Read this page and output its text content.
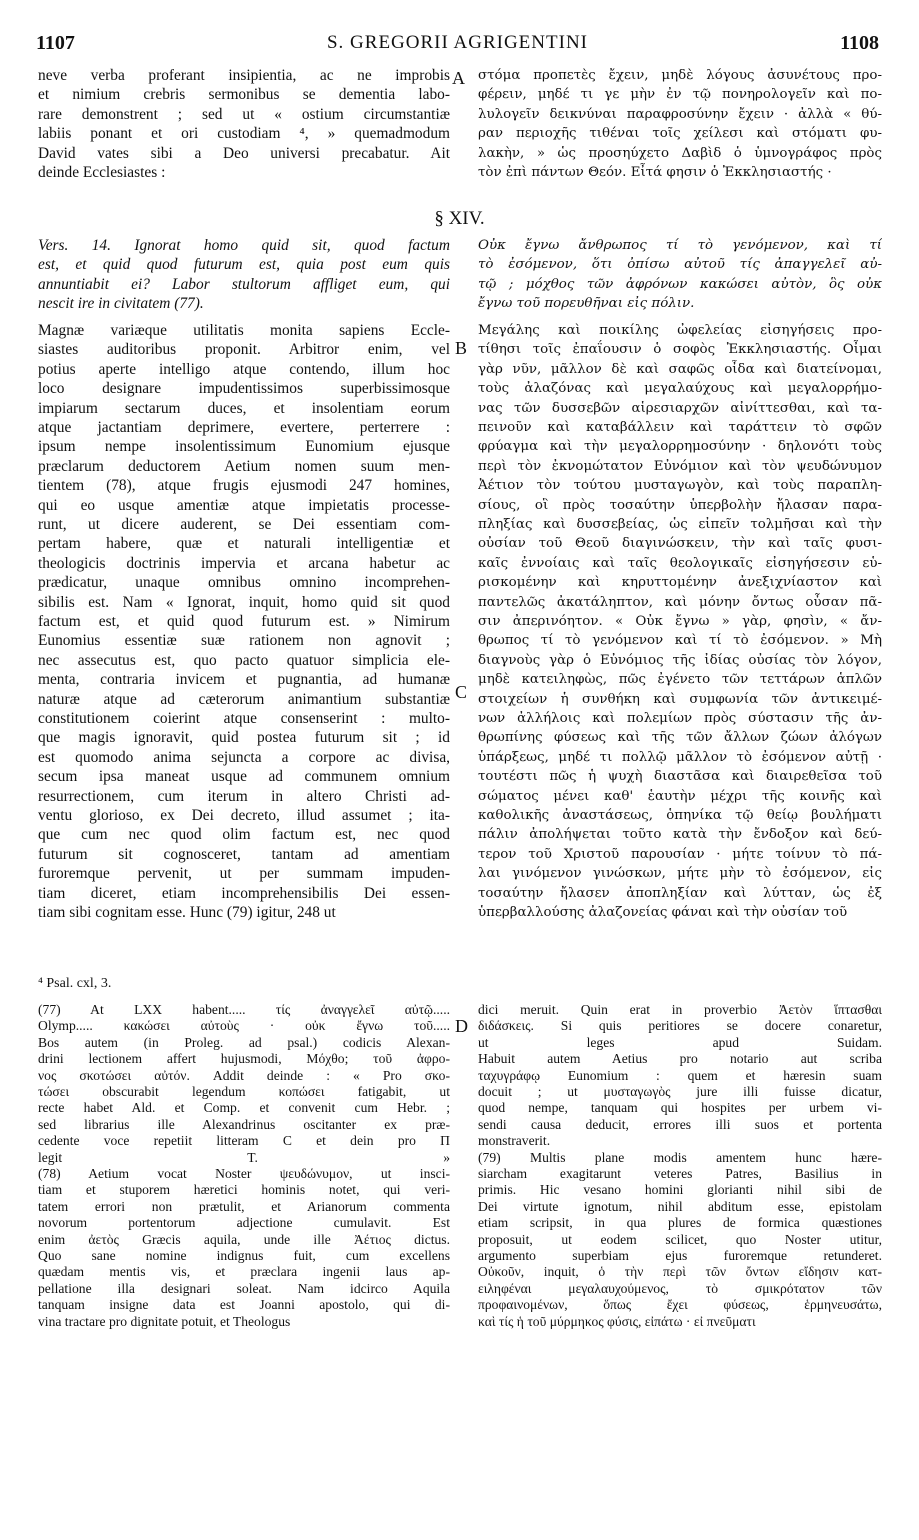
1107	S. GREGORII AGRIGENTINI	1108
neve verba proferant insipientia, ac ne improbis
et nimium crebris sermonibus se dementia labo-
rare demonstrent ; sed ut « ostium circumstantiæ
labiis ponant et ori custodiam ⁴, » quemadmodum
David vates sibi a Deo universi precabatur. Ait
deinde Ecclesiastes :
στόμα προπετὲς ἔχειν, μηδὲ λόγους ἀσυνέτους προ-
φέρειν, μηδέ τι γε μὴν ἐν τῷ πονηρολογεῖν καὶ πο-
λυλογεῖν δεικνύναι παραφροσύνην ἔχειν · ἀλλὰ « θύ-
ραν περιοχῆς τιθέναι τοῖς χείλεσι καὶ στόματι φυ-
λακὴν, » ὡς προσηύχετο Δαβὶδ ὁ ὑμνογράφος πρὸς
τὸν ἐπὶ πάντων Θεόν. Εἶτά φησιν ὁ Ἐκκλησιαστής ·
§ XIV.
Vers. 14. Ignorat homo quid sit, quod factum
est, et quid quod futurum est, quia post eum quis
annuntiabit ei? Labor stultorum affliget eum, qui
nescit ire in civitatem (77).
Οὐκ ἔγνω ἄνθρωπος τί τὸ γενόμενον, καὶ τί
τὸ ἐσόμενον, ὅτι ὀπίσω αὐτοῦ τίς ἀπαγγελεῖ αὐ-
τῷ ; μόχθος τῶν ἀφρόνων κακώσει αὐτὸν, ὃς οὐκ
ἔγνω τοῦ πορευθῆναι εἰς πόλιν.
Magnæ variæque utilitatis monita sapiens Eccle-
siastes auditoribus proponit. Arbitror enim, vel
potius aperte intelligo atque contendo, illum hoc
loco designare impudentissimos superbissimosque
impiarum sectarum duces, et insolentiam eorum
atque jactantiam deprimere, evertere, perterrere :
ipsum nempe insolentissimum Eunomium ejusque
præclarum deductorem Aetium nomen suum men-
tientem (78), atque frugis ejusmodi 247 homines,
qui eo usque amentiæ atque impietatis processe-
runt, ut dicere auderent, se Dei essentiam com-
pertam habere, quæ et naturali intelligentiæ et
theologicis doctrinis impervia et arcana habetur ac
prædicatur, unaque omnibus omnino incomprehen-
sibilis est. Nam « Ignorat, inquit, homo quid sit quod
factum est, et quid quod futurum est. » Nimirum
Eunomius essentiæ suæ rationem non agnovit ;
nec assecutus est, quo pacto quatuor simplicia ele-
menta, contraria invicem et pugnantia, ad humanæ
naturæ atque ad cæterorum animantium substantiæ
constitutionem coierint atque consenserint : multo-
que magis ignoravit, quid postea futurum sit ; id
est quomodo anima sejuncta a corpore ac divisa,
secum ipsa maneat usque ad communem omnium
resurrectionem, cum iterum in altero Christi ad-
ventu glorioso, ex Dei decreto, illud assumet ; ita-
que cum nec quod olim factum est, nec quod
futurum sit cognosceret, tantam ad amentiam
furoremque pervenit, ut per summam impuden-
tiam diceret, etiam incomprehensibilis Dei essen-
tiam sibi cognitam esse. Hunc (79) igitur, 248 ut
Μεγάλης καὶ ποικίλης ὠφελείας εἰσηγήσεις προ-
τίθησι τοῖς ἐπαΐουσιν ὁ σοφὸς Ἐκκλησιαστής. Οἶμαι
γὰρ νῦν, μᾶλλον δὲ καὶ σαφῶς οἶδα καὶ διατείνομαι,
τοὺς ἀλαζόνας καὶ μεγαλαύχους καὶ μεγαλορρήμο-
νας τῶν δυσσεβῶν αἱρεσιαρχῶν αἰνίττεσθαι, καὶ τα-
πεινοῦν καὶ καταβάλλειν καὶ ταράττειν τὸ σφῶν
φρύαγμα καὶ τὴν μεγαλορρημοσύνην · δηλονότι τοὺς
περὶ τὸν ἐκνομώτατον Εὐνόμιον καὶ τὸν ψευδώνυμον
Ἀέτιον τὸν τούτου μυσταγωγὸν, καὶ τοὺς παραπλη-
σίους, οἳ πρὸς τοσαύτην ὑπερβολὴν ἤλασαν παρα-
πληξίας καὶ δυσσεβείας, ὡς εἰπεῖν τολμῆσαι καὶ τὴν
οὐσίαν τοῦ Θεοῦ διαγινώσκειν, τὴν καὶ ταῖς φυσι-
καῖς ἐννοίαις καὶ ταῖς θεολογικαῖς εἰσηγήσεσιν εὑ-
ρισκομένην καὶ κηρυττομένην ἀνεξιχνίαστον καὶ
παντελῶς ἀκατάληπτον, καὶ μόνην ὄντως οὖσαν πᾶ-
σιν ἀπερινόητον. « Οὐκ ἔγνω » γὰρ, φησὶν, « ἄν-
θρωπος τί τὸ γενόμενον καὶ τί τὸ ἐσόμενον. » Μὴ
διαγνοὺς γὰρ ὁ Εὐνόμιος τῆς ἰδίας οὐσίας τὸν λόγον,
μηδὲ κατειληφὼς, πῶς ἐγένετο τῶν τεττάρων ἁπλῶν
στοιχείων ἡ συνθήκη καὶ συμφωνία τῶν ἀντικειμέ-
νων ἀλλήλοις καὶ πολεμίων πρὸς σύστασιν τῆς ἀν-
θρωπίνης φύσεως καὶ τῆς τῶν ἄλλων ζώων ἀλόγων
ὑπάρξεως, μηδέ τι πολλῷ μᾶλλον τὸ ἐσόμενον αὐτῇ ·
τουτέστι πῶς ἡ ψυχὴ διαστᾶσα καὶ διαιρεθεῖσα τοῦ
σώματος μένει καθ' ἑαυτὴν μέχρι τῆς κοινῆς καὶ
καθολικῆς ἀναστάσεως, ὁπηνίκα τῷ θείῳ βουλήματι
πάλιν ἀπολήψεται τοῦτο κατὰ τὴν ἔνδοξον καὶ δεύ-
τερον τοῦ Χριστοῦ παρουσίαν · μήτε τοίνυν τὸ πά-
λαι γινόμενον γινώσκων, μήτε μὴν τὸ ἐσόμενον, εἰς
τοσαύτην ἤλασεν ἀποπληξίαν καὶ λύτταν, ὡς ἐξ
ὑπερβαλλούσης ἀλαζονείας φάναι καὶ τὴν οὐσίαν τοῦ
A
B
C
D
⁴ Psal. cxl, 3.
(77) At LXX habent..... τίς ἀναγγελεῖ αὐτῷ.....
Olymp..... κακώσει αὐτοὺς · οὐκ ἔγνω τοῦ.....
Bos autem (in Proleg. ad psal.) codicis Alexan-
drini lectionem affert hujusmodi, Μόχθο; τοῦ ἀφρο-
νος σκοτώσει αὐτόν. Addit deinde : « Pro σκο-
τώσει obscurabit legendum κοπώσει fatigabit, ut
recte habet Ald. et Comp. et convenit cum Hebr. ;
sed librarius ille Alexandrinus oscitanter ex præ-
cedente voce repetiit litteram C et dein pro Π
legit T. »
(78) Aetium vocat Noster ψευδώνυμον, ut insci-
tiam et stuporem hæretici hominis notet, qui veri-
tatem errori non prætulit, et Arianorum commenta
novorum portentorum adjectione cumulavit. Est
enim ἀετὸς Græcis aquila, unde ille Ἀέτιος dictus.
Quo sane nomine indignus fuit, cum excellens
quædam mentis vis, et præclara ingenii laus ap-
pellatione illa designari soleat. Nam idcirco Aquila
tanquam insigne data est Joanni apostolo, qui di-
vina tractare pro dignitate potuit, et Theologus
dici meruit. Quin erat in proverbio Ἀετὸν ἵπτασθαι
διδάσκεις. Si quis peritiores se docere conaretur,
ut leges apud Suidam.
Habuit autem Aetius pro notario aut scriba
ταχυγράφῳ Eunomium : quem et hæresin suam
docuit ; ut μυσταγωγὸς jure illi fuisse dicatur,
quod nempe, tanquam qui hospites per urbem vi-
sendi causa deducit, errores illi suos et portenta
monstraverit.
(79) Multis plane modis amentem hunc hære-
siarcham exagitarunt veteres Patres, Basilius in
primis. Hic vesano homini glorianti nihil sibi de
Dei virtute ignotum, nihil abditum esse, epistolam
etiam scripsit, in qua plures de formica quæstiones
proposuit, ut eodem scilicet, quo Noster utitur,
argumento superbiam ejus furoremque retunderet.
Οὐκοῦν, inquit, ὁ τὴν περὶ τῶν ὄντων εἴδησιν κατ-
ειληφέναι μεγαλαυχούμενος, τὸ σμικρότατον τῶν
προφαινομένων, ὅπως ἔχει φύσεως, ἑρμηνευσάτω,
καὶ τίς ἡ τοῦ μύρμηκος φύσις, εἰπάτω · εἰ πνεῦματι
